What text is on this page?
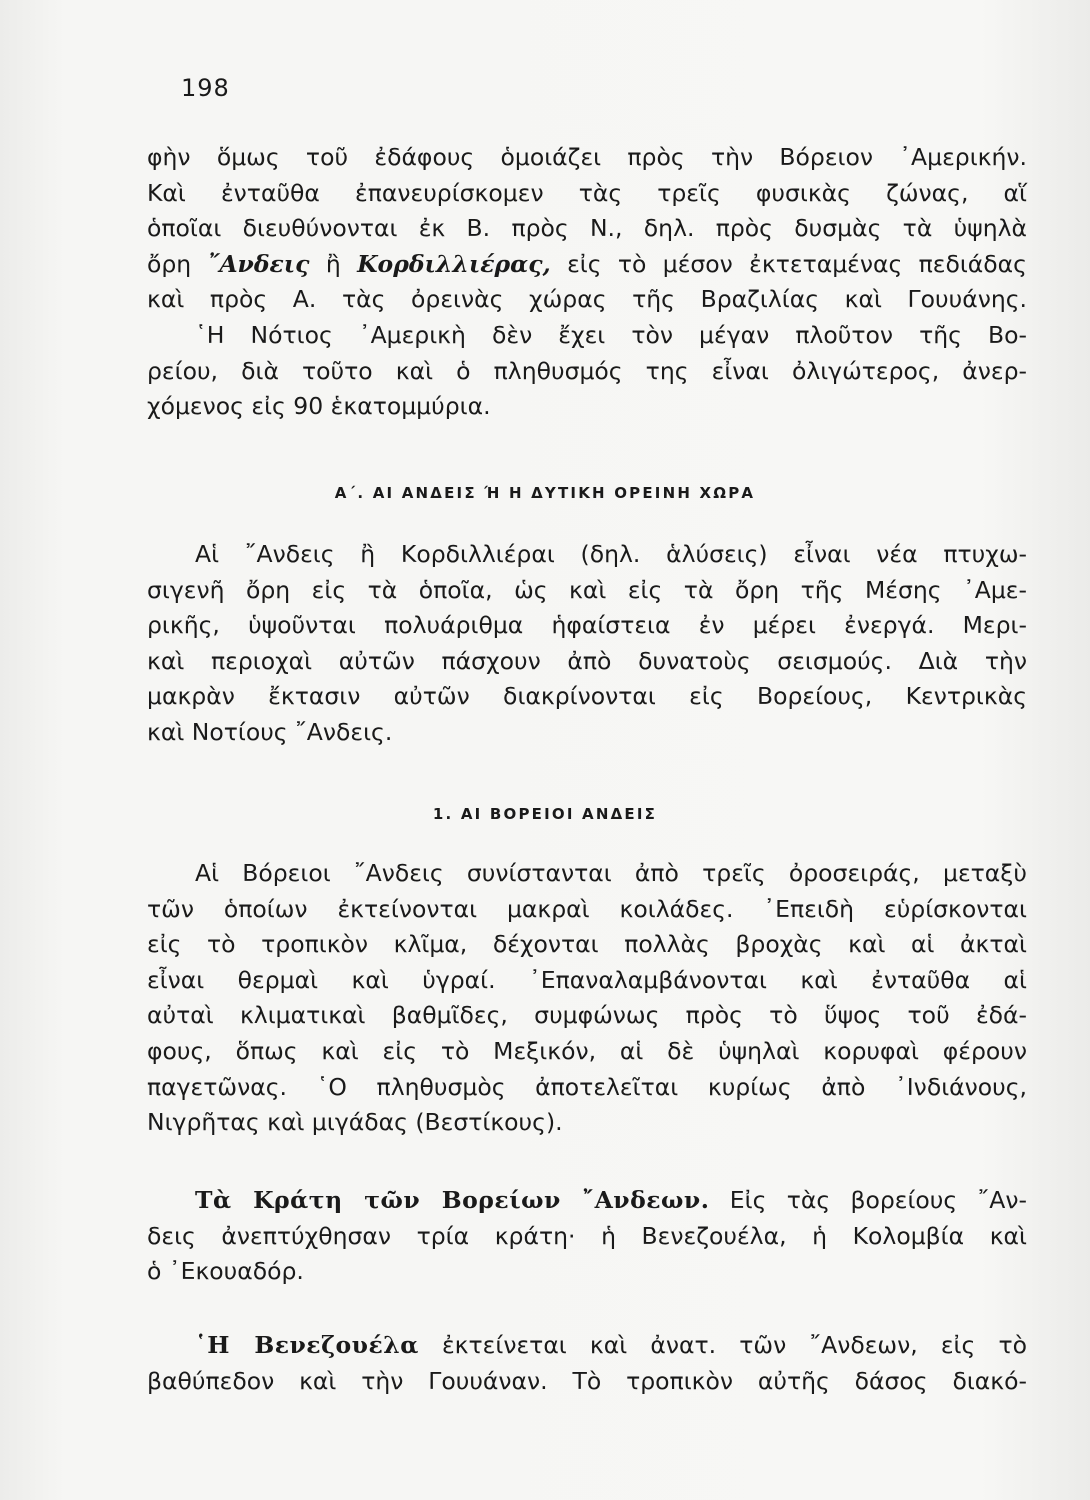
198

φὴν ὅμως τοῦ ἐδάφους ὁμοιάζει πρὸς τὴν Βόρειον ᾿Αμερικήν.
Καὶ ἐνταῦθα ἐπανευρίσκομεν τὰς τρεῖς φυσικὰς ζώνας, αἵ
ὁποῖαι διευθύνονται ἐκ Β. πρὸς Ν., δηλ. πρὸς δυσμὰς τὰ ὑψηλὰ
ὄρη ῎Ανδεις ἢ Κορδιλλιέρας, εἰς τὸ μέσον ἐκτεταμένας πεδιάδας
καὶ πρὸς Α. τὰς ὀρεινὰς χώρας τῆς Βραζιλίας καὶ Γουυάνης.
῾Η Νότιος ᾿Αμερικὴ δὲν ἔχει τὸν μέγαν πλοῦτον τῆς Βο-
ρείου, διὰ τοῦτο καὶ ὁ πληθυσμός της εἶναι ὀλιγώτερος, ἀνερ-
χόμενος εἰς 90 ἑκατομμύρια.

Α΄. ΑΙ ΑΝΔΕΙΣ Ή Η ΔΥΤΙΚΗ ΟΡΕΙΝΗ ΧΩΡΑ

Αἱ ῎Ανδεις ἢ Κορδιλλιέραι (δηλ. ἁλύσεις) εἶναι νέα πτυχω-
σιγενῆ ὄρη εἰς τὰ ὁποῖα, ὡς καὶ εἰς τὰ ὄρη τῆς Μέσης ᾿Αμε-
ρικῆς, ὑψοῦνται πολυάριθμα ἡφαίστεια ἐν μέρει ἐνεργά. Μερι-
καὶ περιοχαὶ αὐτῶν πάσχουν ἀπὸ δυνατοὺς σεισμούς. Διὰ τὴν
μακρὰν ἔκτασιν αὐτῶν διακρίνονται εἰς Βορείους, Κεντρικὰς
καὶ Νοτίους ῎Ανδεις.

1. ΑΙ ΒΟΡΕΙΟΙ ΑΝΔΕΙΣ

Αἱ Βόρειοι ῎Ανδεις συνίστανται ἀπὸ τρεῖς ὀροσειράς, μεταξὺ
τῶν ὁποίων ἐκτείνονται μακραὶ κοιλάδες. ᾿Επειδὴ εὑρίσκονται
εἰς τὸ τροπικὸν κλῖμα, δέχονται πολλὰς βροχὰς καὶ αἱ ἀκταὶ
εἶναι θερμαὶ καὶ ὑγραί. ᾿Επαναλαμβάνονται καὶ ἐνταῦθα αἱ
αὐταὶ κλιματικαὶ βαθμῖδες, συμφώνως πρὸς τὸ ὕψος τοῦ ἐδά-
φους, ὅπως καὶ εἰς τὸ Μεξικόν, αἱ δὲ ὑψηλαὶ κορυφαὶ φέρουν
παγετῶνας. ῾Ο πληθυσμὸς ἀποτελεῖται κυρίως ἀπὸ ᾿Ινδιάνους,
Νιγρῆτας καὶ μιγάδας (Βεστίκους).

Τὰ Κράτη τῶν Βορείων ῎Ανδεων. Εἰς τὰς βορείους ῎Αν-
δεις ἀνεπτύχθησαν τρία κράτη· ἡ Βενεζουέλα, ἡ Κολομβία καὶ
ὁ ᾿Εκουαδόρ.

῾Η Βενεζουέλα ἐκτείνεται καὶ ἀνατ. τῶν ῎Ανδεων, εἰς τὸ
βαθύπεδον καὶ τὴν Γουυάναν. Τὸ τροπικὸν αὐτῆς δάσος διακό-
